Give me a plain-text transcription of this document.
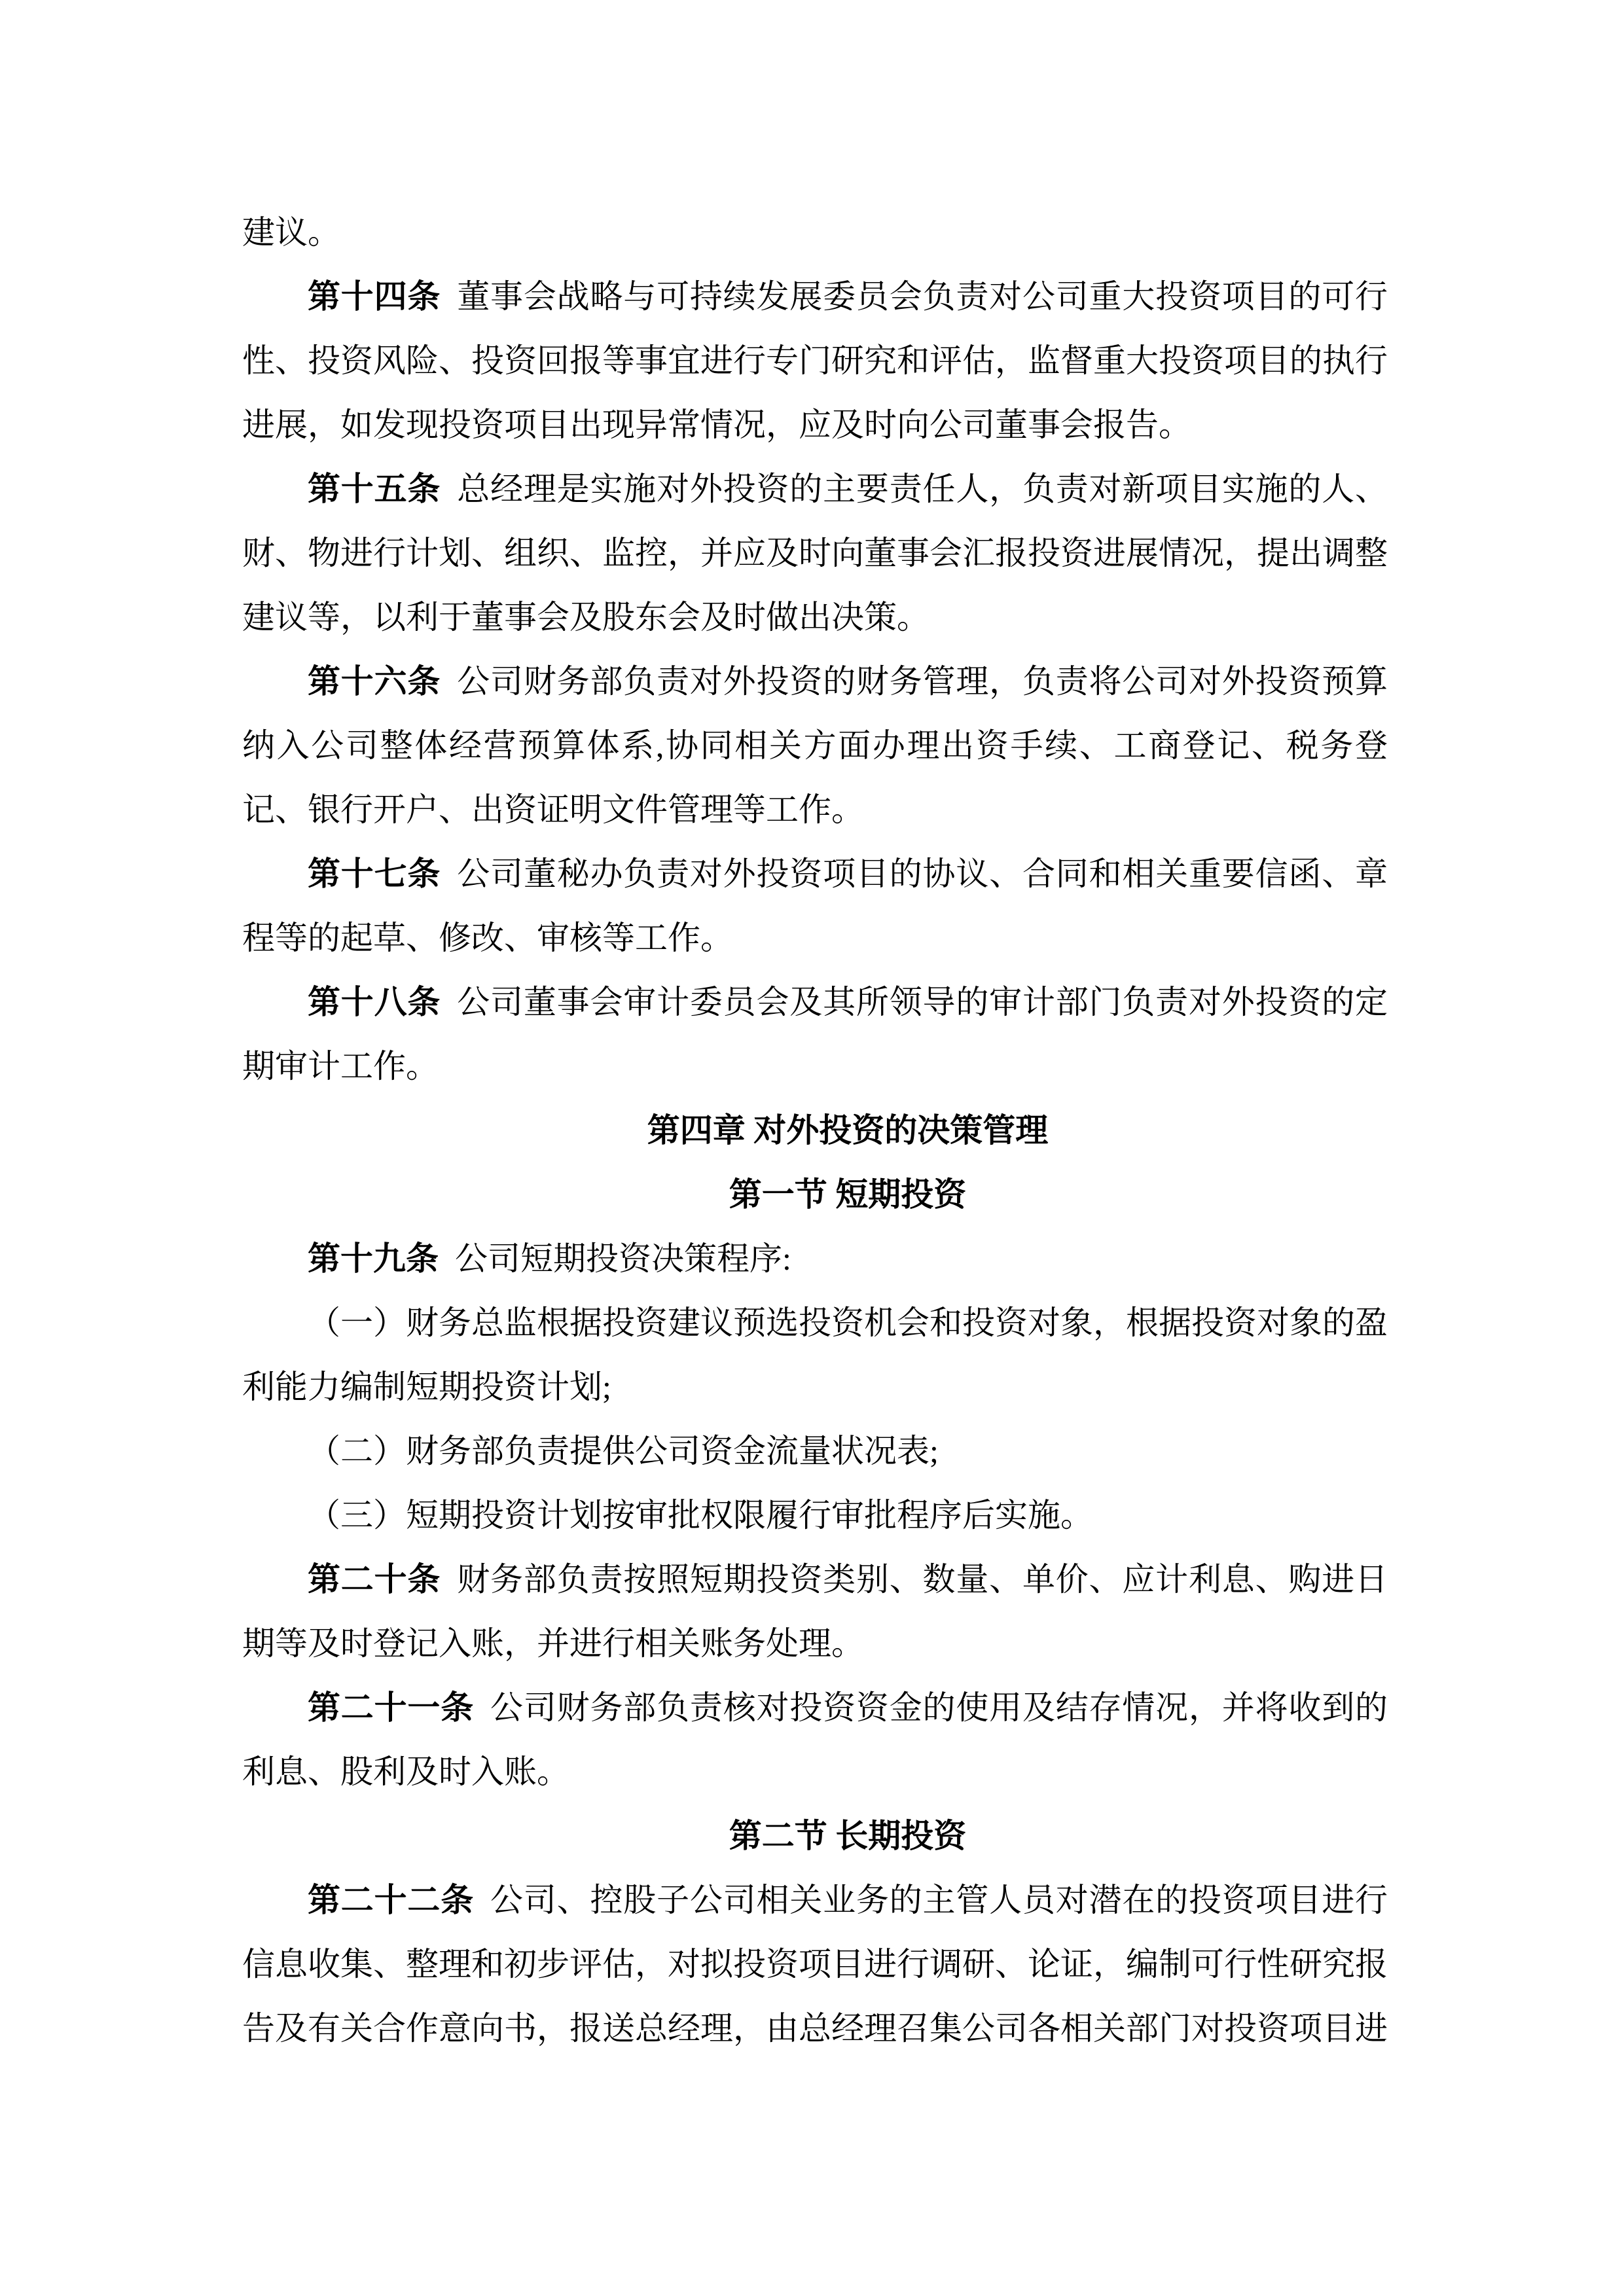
建议。

第十四条 董事会战略与可持续发展委员会负责对公司重大投资项目的可行性、投资风险、投资回报等事宜进行专门研究和评估，监督重大投资项目的执行进展，如发现投资项目出现异常情况，应及时向公司董事会报告。

第十五条 总经理是实施对外投资的主要责任人，负责对新项目实施的人、财、物进行计划、组织、监控，并应及时向董事会汇报投资进展情况，提出调整建议等，以利于董事会及股东会及时做出决策。

第十六条 公司财务部负责对外投资的财务管理，负责将公司对外投资预算纳入公司整体经营预算体系,协同相关方面办理出资手续、工商登记、税务登记、银行开户、出资证明文件管理等工作。

第十七条 公司董秘办负责对外投资项目的协议、合同和相关重要信函、章程等的起草、修改、审核等工作。

第十八条 公司董事会审计委员会及其所领导的审计部门负责对外投资的定期审计工作。

第四章 对外投资的决策管理

第一节 短期投资

第十九条 公司短期投资决策程序:

（一）财务总监根据投资建议预选投资机会和投资对象，根据投资对象的盈利能力编制短期投资计划;

（二）财务部负责提供公司资金流量状况表;

（三）短期投资计划按审批权限履行审批程序后实施。

第二十条 财务部负责按照短期投资类别、数量、单价、应计利息、购进日期等及时登记入账，并进行相关账务处理。

第二十一条 公司财务部负责核对投资资金的使用及结存情况，并将收到的利息、股利及时入账。

第二节 长期投资

第二十二条 公司、控股子公司相关业务的主管人员对潜在的投资项目进行信息收集、整理和初步评估，对拟投资项目进行调研、论证，编制可行性研究报告及有关合作意向书，报送总经理，由总经理召集公司各相关部门对投资项目进
